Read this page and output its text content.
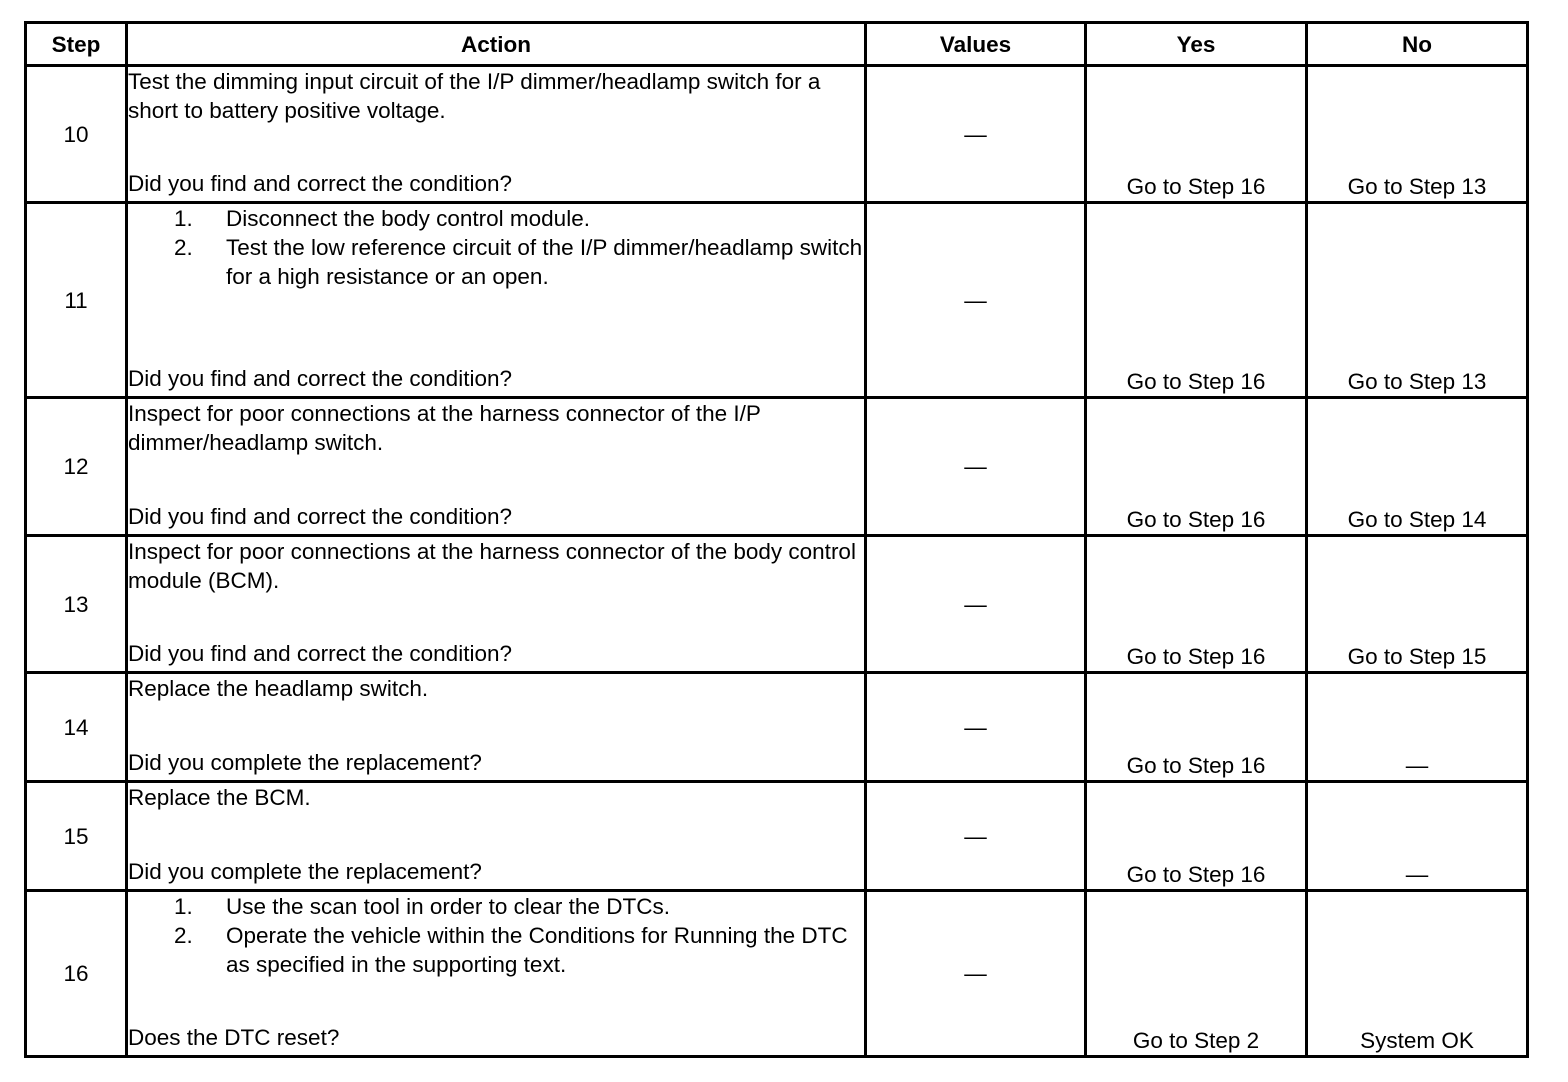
Step	Action	Values	Yes	No
10	Test the dimming input circuit of the I/P dimmer/headlamp switch for a short to battery positive voltage.
Did you find and correct the condition?	—	Go to Step 16	Go to Step 13
11	1. Disconnect the body control module.
2. Test the low reference circuit of the I/P dimmer/headlamp switch for a high resistance or an open.
Did you find and correct the condition?	—	Go to Step 16	Go to Step 13
12	Inspect for poor connections at the harness connector of the I/P dimmer/headlamp switch.
Did you find and correct the condition?	—	Go to Step 16	Go to Step 14
13	Inspect for poor connections at the harness connector of the body control module (BCM).
Did you find and correct the condition?	—	Go to Step 16	Go to Step 15
14	Replace the headlamp switch.
Did you complete the replacement?	—	Go to Step 16	—
15	Replace the BCM.
Did you complete the replacement?	—	Go to Step 16	—
16	1. Use the scan tool in order to clear the DTCs.
2. Operate the vehicle within the Conditions for Running the DTC as specified in the supporting text.
Does the DTC reset?	—	Go to Step 2	System OK
